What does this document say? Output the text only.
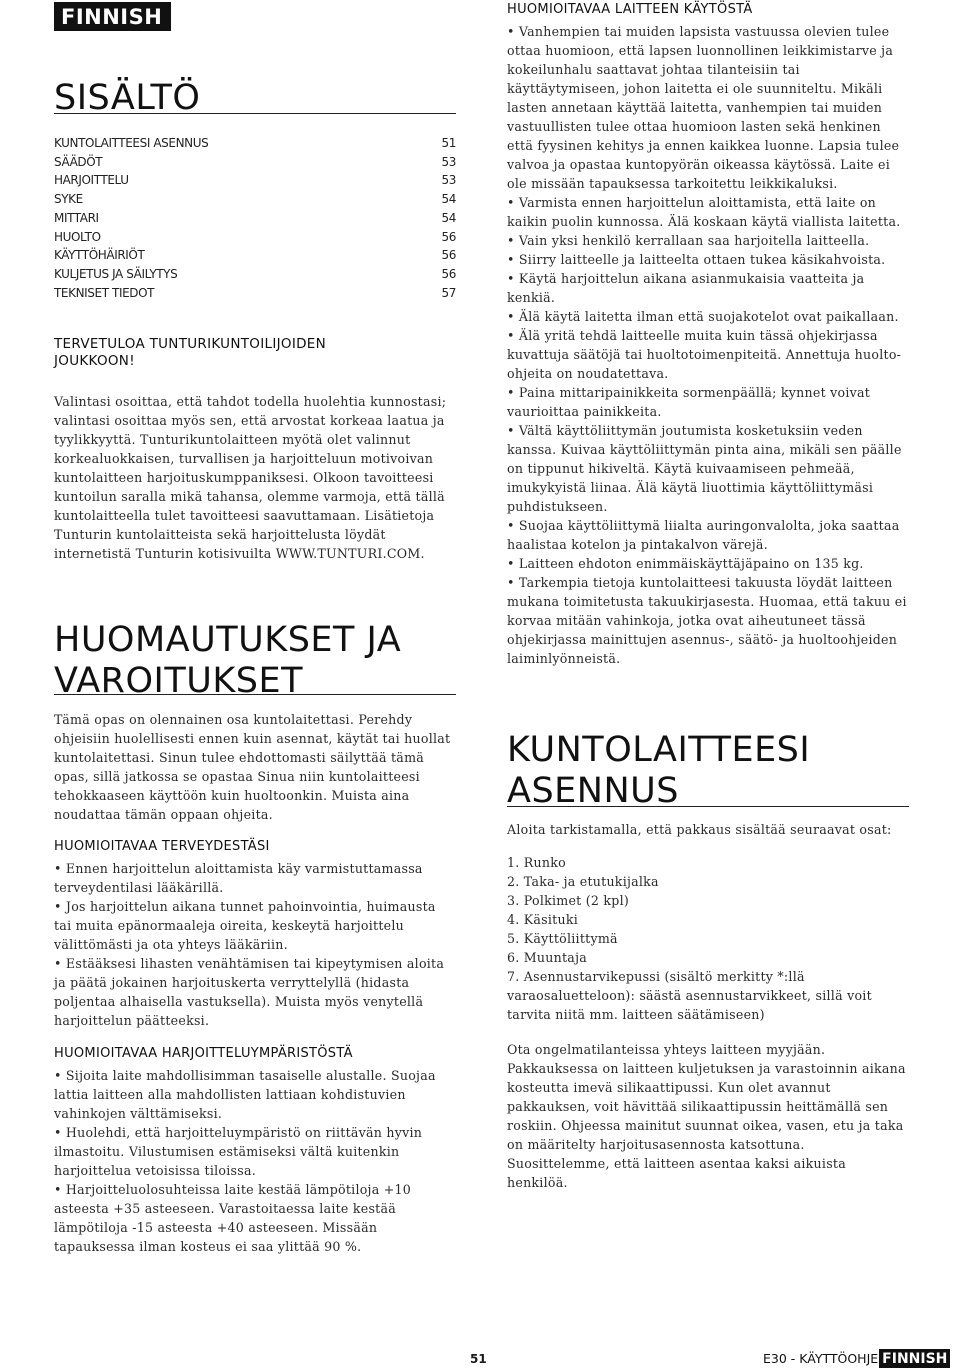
FINNISH
SISÄLTÖ
KUNTOLAITTEESI ASENNUS	51
SÄÄDÖT	53
HARJOITTELU	53
SYKE	54
MITTARI	54
HUOLTO	56
KÄYTTÖHÄIRIÖT	56
KULJETUS JA SÄILYTYS	56
TEKNISET TIEDOT	57
TERVETULOA TUNTURIKUNTOILIJOIDEN JOUKKOON!
Valintasi osoittaa, että tahdot todella huolehtia kunnostasi; valintasi osoittaa myös sen, että arvostat korkeaa laatua ja tyylikkyyttä. Tunturikuntolaitteen myötä olet valinnut korkealuokkaisen, turvallisen ja harjoitteluun motivoivan kuntolaitteen harjoituskumppaniksesi. Olkoon tavoitteesi kuntoilun saralla mikä tahansa, olemme varmoja, että tällä kuntolaitteella tulet tavoitteesi saavuttamaan. Lisätietoja Tunturin kuntolaitteista sekä harjoittelusta löydät internetistä Tunturin kotisivuilta WWW.TUNTURI.COM.
HUOMAUTUKSET JA
VAROITUKSET
Tämä opas on olennainen osa kuntolaitettasi. Perehdy ohjeisiin huolellisesti ennen kuin asennat, käytät tai huollat kuntolaitettasi. Sinun tulee ehdottomasti säilyttää tämä opas, sillä jatkossa se opastaa Sinua niin kuntolaitteesi tehokkaaseen käyttöön kuin huoltoonkin. Muista aina noudattaa tämän oppaan ohjeita.
HUOMIOITAVAA TERVEYDESTÄSI

• Ennen harjoittelun aloittamista käy varmistuttamassa terveydentilasi lääkärillä.

• Jos harjoittelun aikana tunnet pahoinvointia, huimausta tai muita epänormaaleja oireita, keskeytä harjoittelu välittömästi ja ota yhteys lääkäriin.

• Estääksesi lihasten venähtämisen tai kipeytymisen aloita ja päätä jokainen harjoituskerta verryttelyllä (hidasta poljentaa alhaisella vastuksella). Muista myös venytellä harjoittelun päätteeksi.

HUOMIOITAVAA HARJOITTELUYMPÄRISTÖSTÄ

• Sijoita laite mahdollisimman tasaiselle alustalle. Suojaa lattia laitteen alla mahdollisten lattiaan kohdistuvien vahinkojen välttämiseksi.

• Huolehdi, että harjoitteluympäristö on riittävän hyvin ilmastoitu. Vilustumisen estämiseksi vältä kuitenkin harjoittelua vetoisissa tiloissa.

• Harjoitteluolosuhteissa laite kestää lämpötiloja +10 asteesta +35 asteeseen. Varastoitaessa laite kestää lämpötiloja -15 asteesta +40 asteeseen. Missään tapauksessa ilman kosteus ei saa ylittää 90 %.

HUOMIOITAVAA LAITTEEN KÄYTÖSTÄ

• Vanhempien tai muiden lapsista vastuussa olevien tulee ottaa huomioon, että lapsen luonnollinen leikkimistarve ja kokeilunhalu saattavat johtaa tilanteisiin tai käyttäytymiseen, johon laitetta ei ole suunniteltu. Mikäli lasten annetaan käyttää laitetta, vanhempien tai muiden vastuullisten tulee ottaa huomioon lasten sekä henkinen että fyysinen kehitys ja ennen kaikkea luonne. Lapsia tulee valvoa ja opastaa kuntopyörän oikeassa käytössä. Laite ei ole missään tapauksessa tarkoitettu leikkikaluksi.

• Varmista ennen harjoittelun aloittamista, että laite on kaikin puolin kunnossa. Älä koskaan käytä viallista laitetta.

• Vain yksi henkilö kerrallaan saa harjoitella laitteella.

• Siirry laitteelle ja laitteelta ottaen tukea käsikahvoista.

• Käytä harjoittelun aikana asianmukaisia vaatteita ja kenkiä.

• Älä käytä laitetta ilman että suojakotelot ovat paikallaan.

• Älä yritä tehdä laitteelle muita kuin tässä ohjekirjassa kuvattuja säätöjä tai huoltotoimenpiteitä. Annettuja huolto-ohjeita on noudatettava.

• Paina mittaripainikkeita sormenpäällä; kynnet voivat vaurioittaa painikkeita.

• Vältä käyttöliittymän joutumista kosketuksiin veden kanssa. Kuivaa käyttöliittymän pinta aina, mikäli sen päälle on tippunut hikiveltä. Käytä kuivaamiseen pehmeää, imukykyistä liinaa. Älä käytä liuottimia käyttöliittymäsi puhdistukseen.

• Suojaa käyttöliittymä liialta auringonvalolta, joka saattaa haalistaa kotelon ja pintakalvon värejä.

• Laitteen ehdoton enimmäiskäyttäjäpaino on 135 kg.

• Tarkempia tietoja kuntolaitteesi takuusta löydät laitteen mukana toimitetusta takuukirjasesta. Huomaa, että takuu ei korvaa mitään vahinkoja, jotka ovat aiheutuneet tässä ohjekirjassa mainittujen asennus-, säätö- ja huoltoohjeiden laiminlyönneistä.

KUNTOLAITTEESI
ASENNUS
Aloita tarkistamalla, että pakkaus sisältää seuraavat osat:

1. Runko

2. Taka- ja etutukijalka

3. Polkimet (2 kpl)

4. Käsituki

5. Käyttöliittymä

6. Muuntaja

7. Asennustarvikepussi (sisältö merkitty *:llä varaosaluetteloon): säästä asennustarvikkeet, sillä voit tarvita niitä mm. laitteen säätämiseen)

Ota ongelmatilanteissa yhteys laitteen myyjään. Pakkauksessa on laitteen kuljetuksen ja varastoinnin aikana kosteutta imevä silikaattipussi. Kun olet avannut pakkauksen, voit hävittää silikaattipussin heittämällä sen roskiin. Ohjeessa mainitut suunnat oikea, vasen, etu ja taka on määritelty harjoitusasennosta katsottuna. Suosittelemme, että laitteen asentaa kaksi aikuista henkilöä.
51	E30 - KÄYTTÖOHJE FINNISH
